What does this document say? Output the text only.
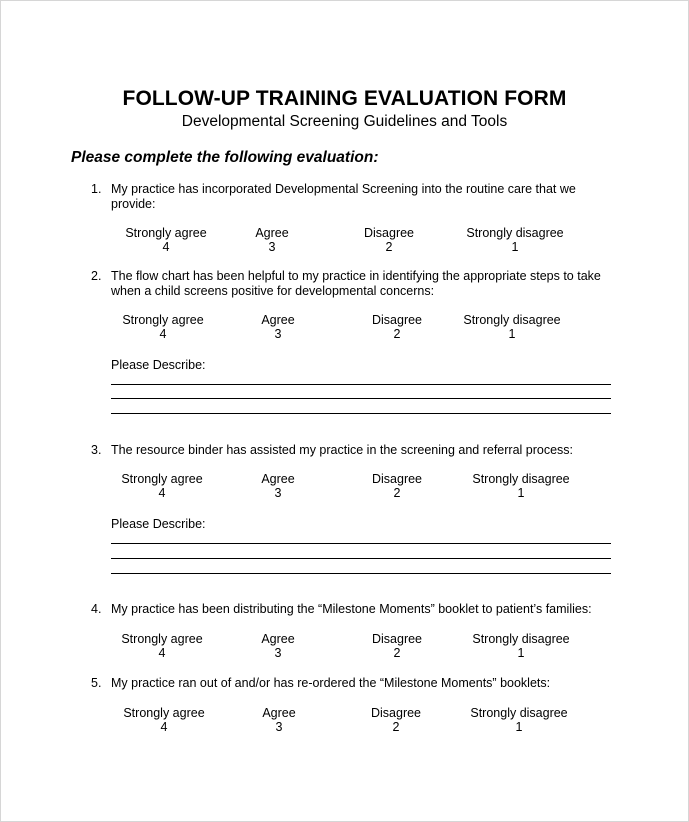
FOLLOW-UP TRAINING EVALUATION FORM
Developmental Screening Guidelines and Tools
Please complete the following evaluation:
1. My practice has incorporated Developmental Screening into the routine care that we provide:
Strongly agree
4
Agree
3
Disagree
2
Strongly disagree
1
2. The flow chart has been helpful to my practice in identifying the appropriate steps to take when a child screens positive for developmental concerns:
Strongly agree
4
Agree
3
Disagree
2
Strongly disagree
1
Please Describe:
3. The resource binder has assisted my practice in the screening and referral process:
Strongly agree
4
Agree
3
Disagree
2
Strongly disagree
1
Please Describe:
4. My practice has been distributing the “Milestone Moments” booklet to patient’s families:
Strongly agree
4
Agree
3
Disagree
2
Strongly disagree
1
5. My practice ran out of and/or has re-ordered the “Milestone Moments” booklets:
Strongly agree
4
Agree
3
Disagree
2
Strongly disagree
1
